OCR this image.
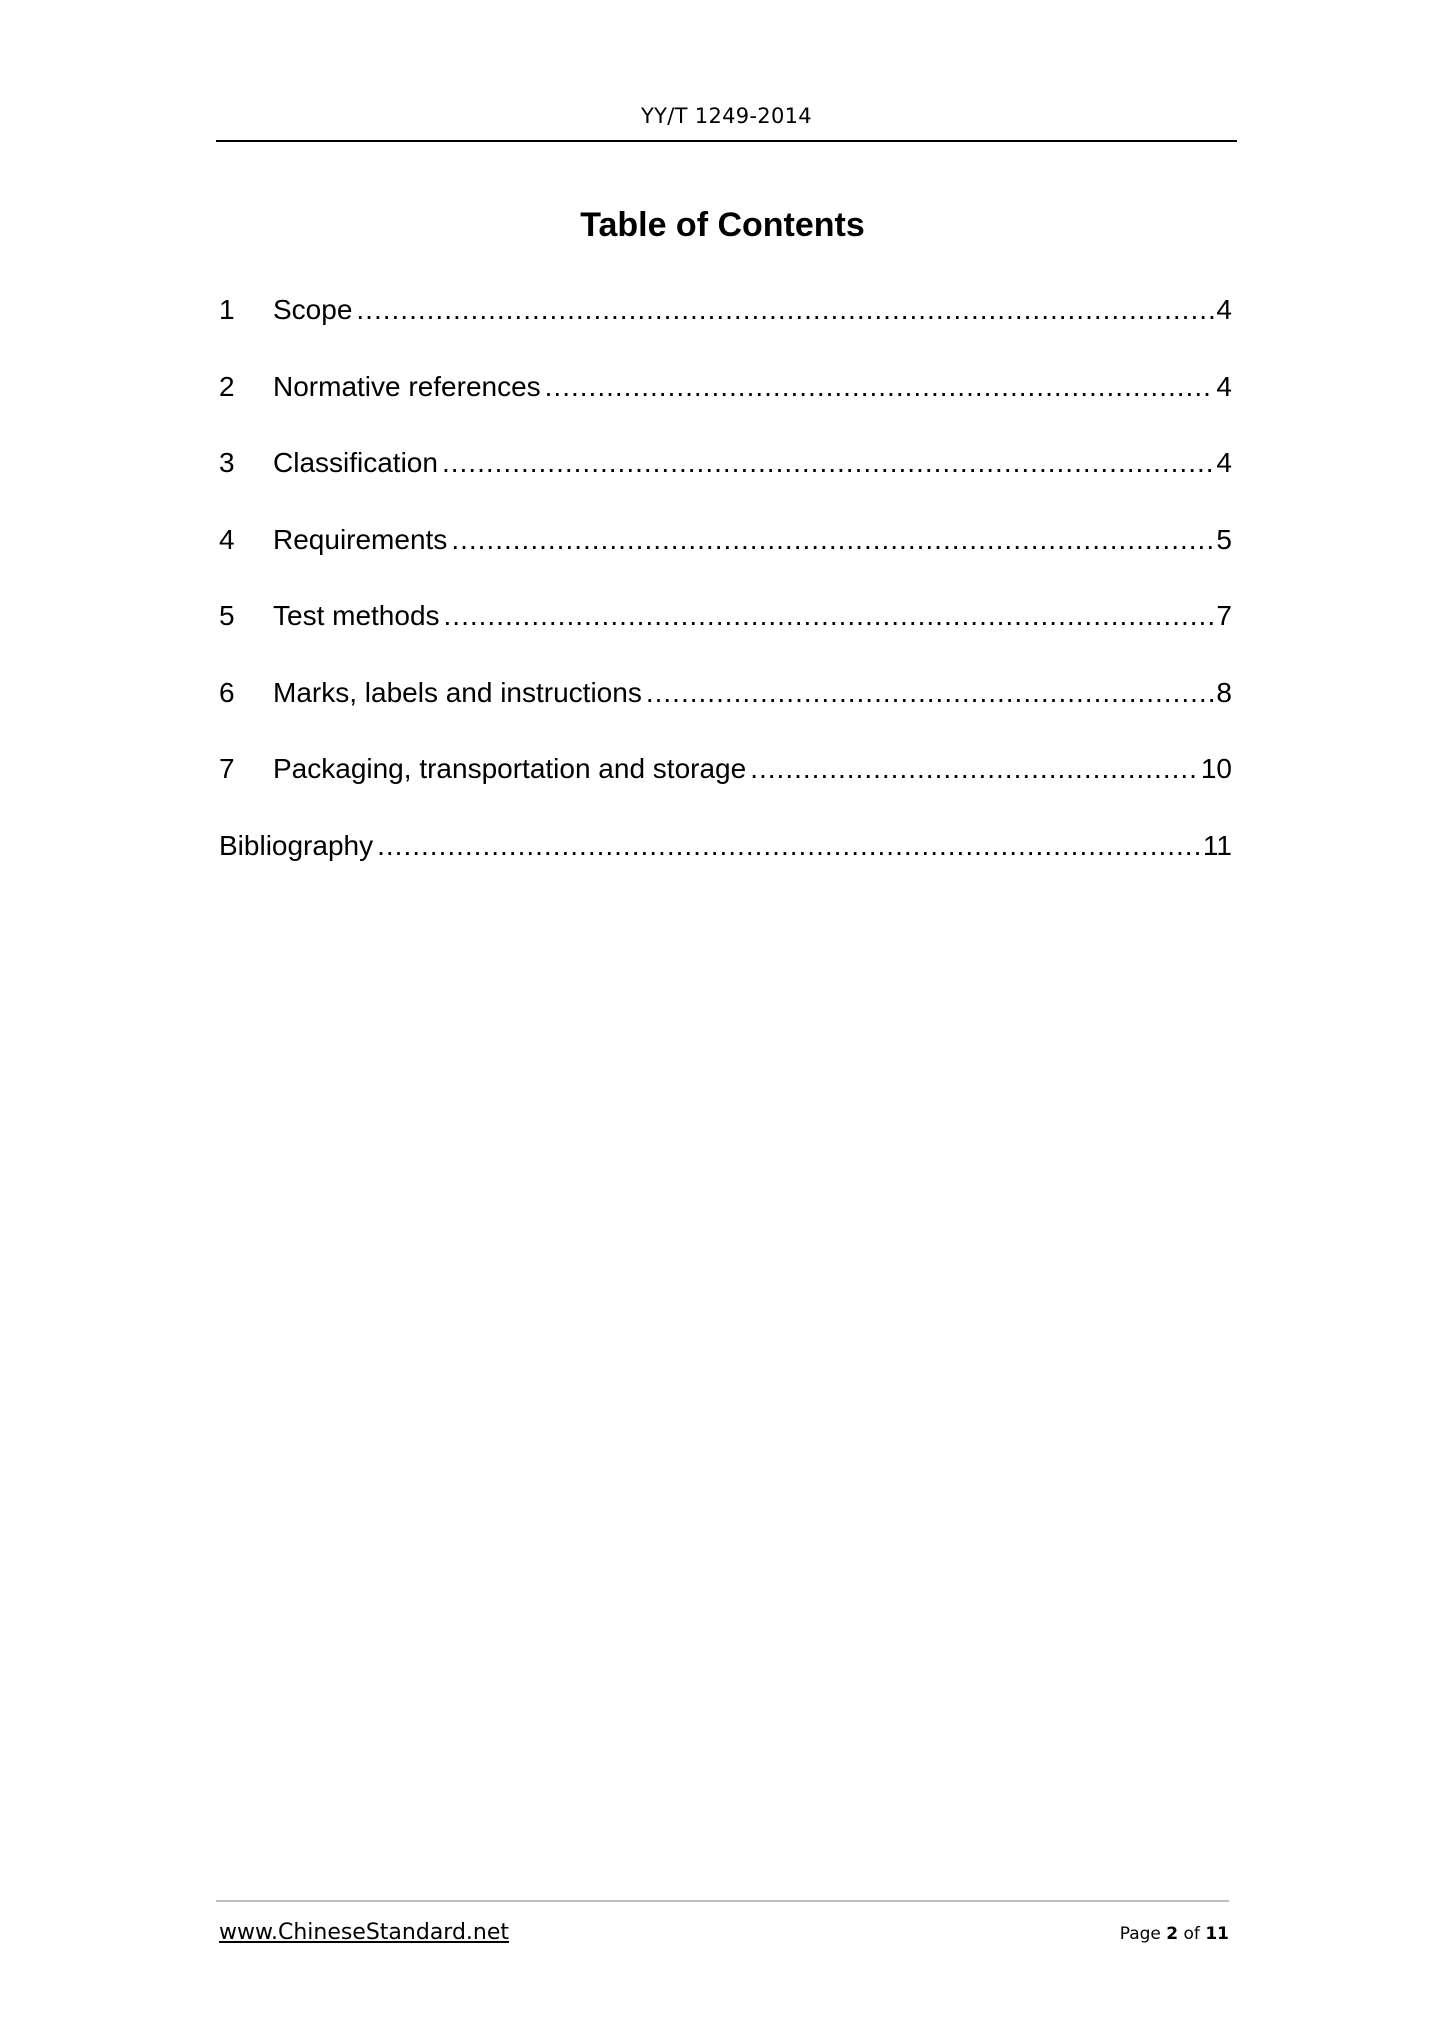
YY/T 1249-2014
Table of Contents
1	Scope .....	4
2	Normative references .....	4
3	Classification .....	4
4	Requirements .....	5
5	Test methods .....	7
6	Marks, labels and instructions .....	8
7	Packaging, transportation and storage .....	10
Bibliography .....	11
www.ChineseStandard.net	Page 2 of 11
